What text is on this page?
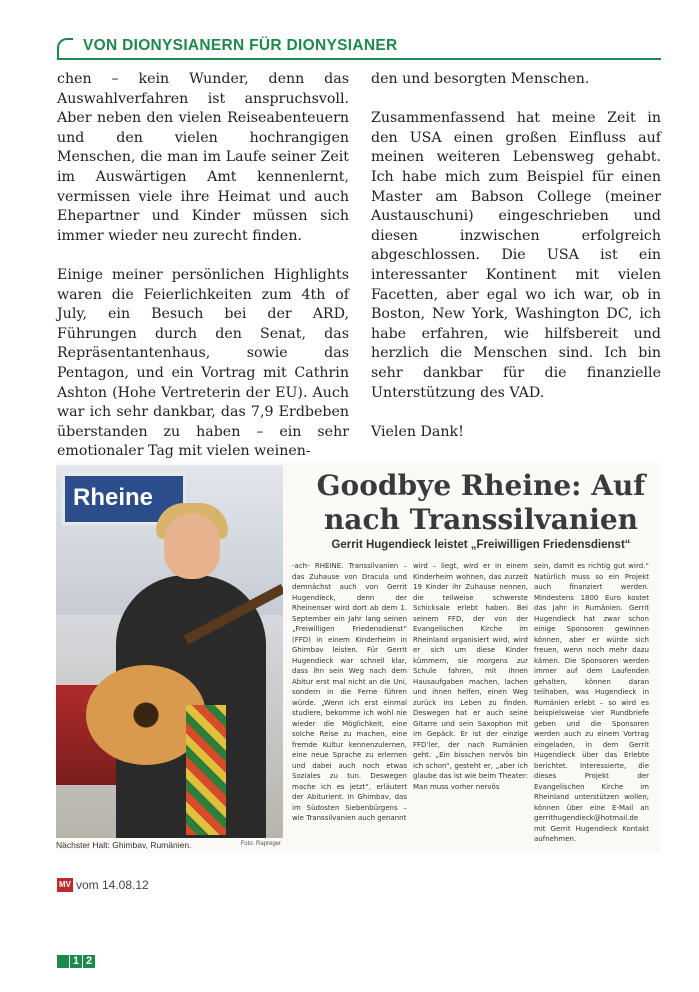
VON DIONYSIANERN FÜR DIONYSIANER

chen – kein Wunder, denn das Auswahlverfahren ist anspruchsvoll. Aber neben den vielen Reiseabenteuern und den vielen hochrangigen Menschen, die man im Laufe seiner Zeit im Auswärtigen Amt kennenlernt, vermissen viele ihre Heimat und auch Ehepartner und Kinder müssen sich immer wieder neu zurecht finden.

Einige meiner persönlichen Highlights waren die Feierlichkeiten zum 4th of July, ein Besuch bei der ARD, Führungen durch den Senat, das Repräsentantenhaus, sowie das Pentagon, und ein Vortrag mit Cathrin Ashton (Hohe Vertreterin der EU). Auch war ich sehr dankbar, das 7,9 Erdbeben überstanden zu haben – ein sehr emotionaler Tag mit vielen weinen-

den und besorgten Menschen.

Zusammenfassend hat meine Zeit in den USA einen großen Einfluss auf meinen weiteren Lebensweg gehabt. Ich habe mich zum Beispiel für einen Master am Babson College (meiner Austauschuni) eingeschrieben und diesen inzwischen erfolgreich abgeschlossen. Die USA ist ein interessanter Kontinent mit vielen Facetten, aber egal wo ich war, ob in Boston, New York, Washington DC, ich habe erfahren, wie hilfsbereit und herzlich die Menschen sind. Ich bin sehr dankbar für die finanzielle Unterstützung des VAD.

Vielen Dank!

Rheine
Nächster Halt: Ghimbav, Rumänien.	Foto: Rapreger
Goodbye Rheine: Auf
nach Transsilvanien
Gerrit Hugendieck leistet „Freiwilligen Friedensdienst“

-ach- RHEINE. Transsilvanien – das Zuhause von Dracula und demnächst auch von Gerrit Hugendieck, denn der Rheinenser wird dort ab dem 1. September ein Jahr lang seinen „Freiwilligen Friedensdienst“ (FFD) in einem Kinderheim in Ghimbav leisten. Für Gerrit Hugendieck war schnell klar, dass ihn sein Weg nach dem Abitur erst mal nicht an die Uni, sondern in die Ferne führen würde. „Wenn ich erst einmal studiere, bekomme ich wohl nie wieder die Möglichkeit, eine solche Reise zu machen, eine fremde Kultur kennenzulernen, eine neue Sprache zu erlernen und dabei auch noch etwas Soziales zu tun. Deswegen mache ich es jetzt“, erläutert der Abiturient. In Ghimbav, das im Südosten Siebenbürgens – wie Transsilvanien auch genannt

wird – liegt, wird er in einem Kinderheim wohnen, das zurzeit 19 Kinder ihr Zuhause nennen, die teilweise schwerste Schicksale erlebt haben. Bei seinem FFD, der von der Evangelischen Kirche im Rheinland organisiert wird, wird er sich um diese Kinder kümmern, sie morgens zur Schule fahren, mit ihnen Hausaufgaben machen, lachen und ihnen helfen, einen Weg zurück ins Leben zu finden. Deswegen hat er auch seine Gitarre und sein Saxophon mit im Gepäck. Er ist der einzige FFD’ler, der nach Rumänien geht. „Ein bisschen nervös bin ich schon“, gesteht er, „aber ich glaube das ist wie beim Theater: Man muss vorher nervös

sein, damit es richtig gut wird.“ Natürlich muss so ein Projekt auch finanziert werden. Mindestens 1800 Euro kostet das Jahr in Rumänien. Gerrit Hugendieck hat zwar schon einige Sponsoren gewinnen können, aber er würde sich freuen, wenn noch mehr dazu kämen. Die Sponsoren werden immer auf dem Laufenden gehalten, können daran teilhaben, was Hugendieck in Rumänien erlebt – so wird es beispielsweise vier Rundbriefe geben und die Sponsoren werden auch zu einem Vortrag eingeladen, in dem Gerrit Hugendieck über das Erlebte berichtet. Interessierte, die dieses Projekt der Evangelischen Kirche im Rheinland unterstützen wollen, können über eine E-Mail an gerrithugendieck@hotmail.de mit Gerrit Hugendieck Kontakt aufnehmen.

MV vom 14.08.12
1 2
